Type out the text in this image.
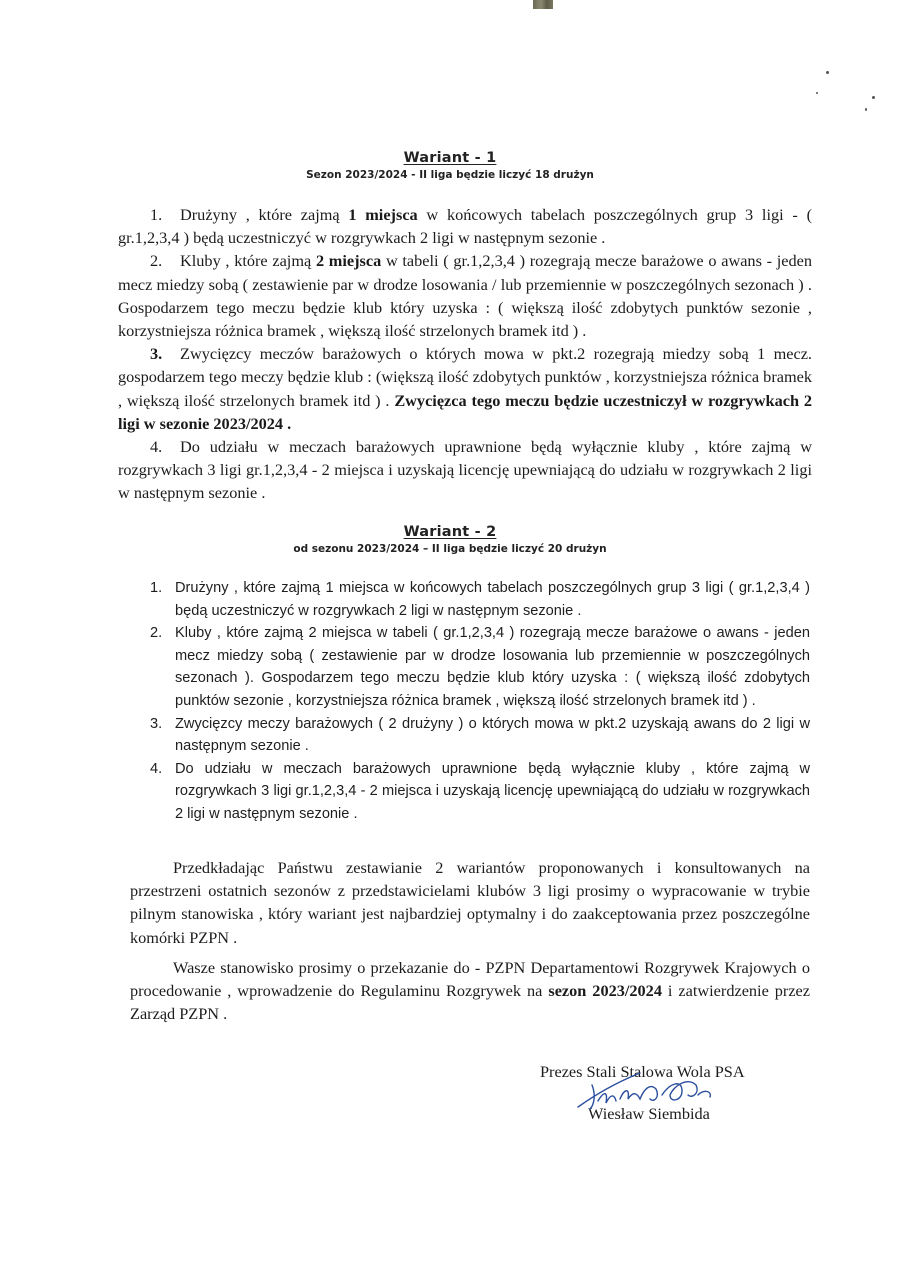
Wariant - 1
Sezon 2023/2024 - II liga będzie liczyć 18 drużyn

1. Drużyny , które zajmą 1 miejsca w końcowych tabelach poszczególnych grup 3 ligi - ( gr.1,2,3,4 ) będą uczestniczyć w rozgrywkach 2 ligi w następnym sezonie .

2. Kluby , które zajmą 2 miejsca w tabeli ( gr.1,2,3,4 ) rozegrają mecze barażowe o awans - jeden mecz miedzy sobą ( zestawienie par w drodze losowania / lub przemiennie w poszczególnych sezonach ) . Gospodarzem tego meczu będzie klub który uzyska : ( większą ilość zdobytych punktów sezonie , korzystniejsza różnica bramek , większą ilość strzelonych bramek itd ) .

3. Zwycięzcy meczów barażowych o których mowa w pkt.2 rozegrają miedzy sobą 1 mecz. gospodarzem tego meczy będzie klub : (większą ilość zdobytych punktów , korzystniejsza różnica bramek , większą ilość strzelonych bramek itd ) . Zwycięzca tego meczu będzie uczestniczył w rozgrywkach 2 ligi w sezonie 2023/2024 .

4. Do udziału w meczach barażowych uprawnione będą wyłącznie kluby , które zajmą w rozgrywkach 3 ligi gr.1,2,3,4 - 2 miejsca i uzyskają licencję upewniającą do udziału w rozgrywkach 2 ligi w następnym sezonie .

Wariant - 2
od sezonu 2023/2024 – II liga będzie liczyć 20 drużyn
1. Drużyny , które zajmą 1 miejsca w końcowych tabelach poszczególnych grup 3 ligi ( gr.1,2,3,4 ) będą uczestniczyć w rozgrywkach 2 ligi w następnym sezonie .
2. Kluby , które zajmą 2 miejsca w tabeli ( gr.1,2,3,4 ) rozegrają mecze barażowe o awans - jeden mecz miedzy sobą ( zestawienie par w drodze losowania lub przemiennie w poszczególnych sezonach ). Gospodarzem tego meczu będzie klub który uzyska : ( większą ilość zdobytych punktów sezonie , korzystniejsza różnica bramek , większą ilość strzelonych bramek itd ) .
3. Zwycięzcy meczy barażowych ( 2 drużyny ) o których mowa w pkt.2 uzyskają awans do 2 ligi w następnym sezonie .
4. Do udziału w meczach barażowych uprawnione będą wyłącznie kluby , które zajmą w rozgrywkach 3 ligi gr.1,2,3,4 - 2 miejsca i uzyskają licencję upewniającą do udziału w rozgrywkach 2 ligi w następnym sezonie .

Przedkładając Państwu zestawianie 2 wariantów proponowanych i konsultowanych na przestrzeni ostatnich sezonów z przedstawicielami klubów 3 ligi prosimy o wypracowanie w trybie pilnym stanowiska , który wariant jest najbardziej optymalny i do zaakceptowania przez poszczególne komórki PZPN .

Wasze stanowisko prosimy o przekazanie do - PZPN Departamentowi Rozgrywek Krajowych o procedowanie , wprowadzenie do Regulaminu Rozgrywek na sezon 2023/2024 i zatwierdzenie przez Zarząd PZPN .

Prezes Stali Stalowa Wola PSA
Wiesław Siembida
